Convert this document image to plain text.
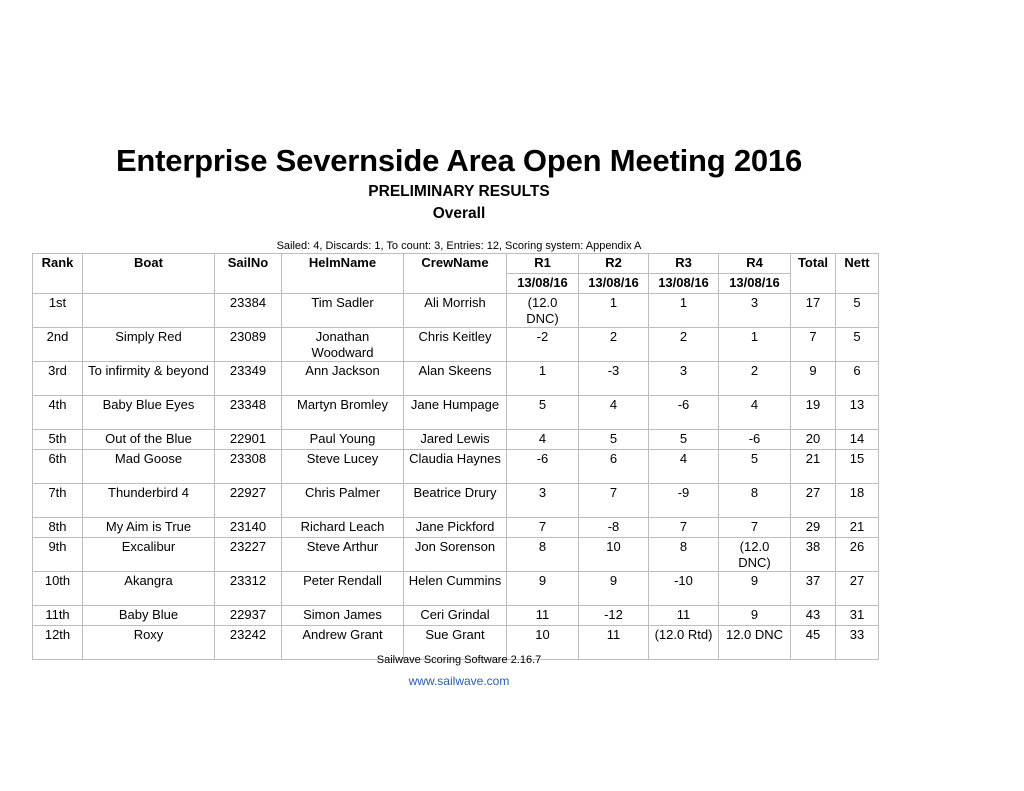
Enterprise Severnside Area Open Meeting 2016
PRELIMINARY RESULTS
Overall
Sailed: 4, Discards: 1, To count: 3, Entries: 12, Scoring system: Appendix A
Rank	Boat	SailNo	HelmName	CrewName	R1	R2	R3	R4	Total	Nett
					13/08/16	13/08/16	13/08/16	13/08/16		
1st		23384	Tim Sadler	Ali Morrish	(12.0 DNC)	1	1	3	17	5
2nd	Simply Red	23089	Jonathan Woodward	Chris Keitley	-2	2	2	1	7	5
3rd	To infirmity & beyond	23349	Ann Jackson	Alan Skeens	1	-3	3	2	9	6
4th	Baby Blue Eyes	23348	Martyn Bromley	Jane Humpage	5	4	-6	4	19	13
5th	Out of the Blue	22901	Paul Young	Jared Lewis	4	5	5	-6	20	14
6th	Mad Goose	23308	Steve Lucey	Claudia Haynes	-6	6	4	5	21	15
7th	Thunderbird 4	22927	Chris Palmer	Beatrice Drury	3	7	-9	8	27	18
8th	My Aim is True	23140	Richard Leach	Jane Pickford	7	-8	7	7	29	21
9th	Excalibur	23227	Steve Arthur	Jon Sorenson	8	10	8	(12.0 DNC)	38	26
10th	Akangra	23312	Peter Rendall	Helen Cummins	9	9	-10	9	37	27
11th	Baby Blue	22937	Simon James	Ceri Grindal	11	-12	11	9	43	31
12th	Roxy	23242	Andrew Grant	Sue Grant	10	11	(12.0 Rtd)	12.0 DNC	45	33
Sailwave Scoring Software 2.16.7
www.sailwave.com
